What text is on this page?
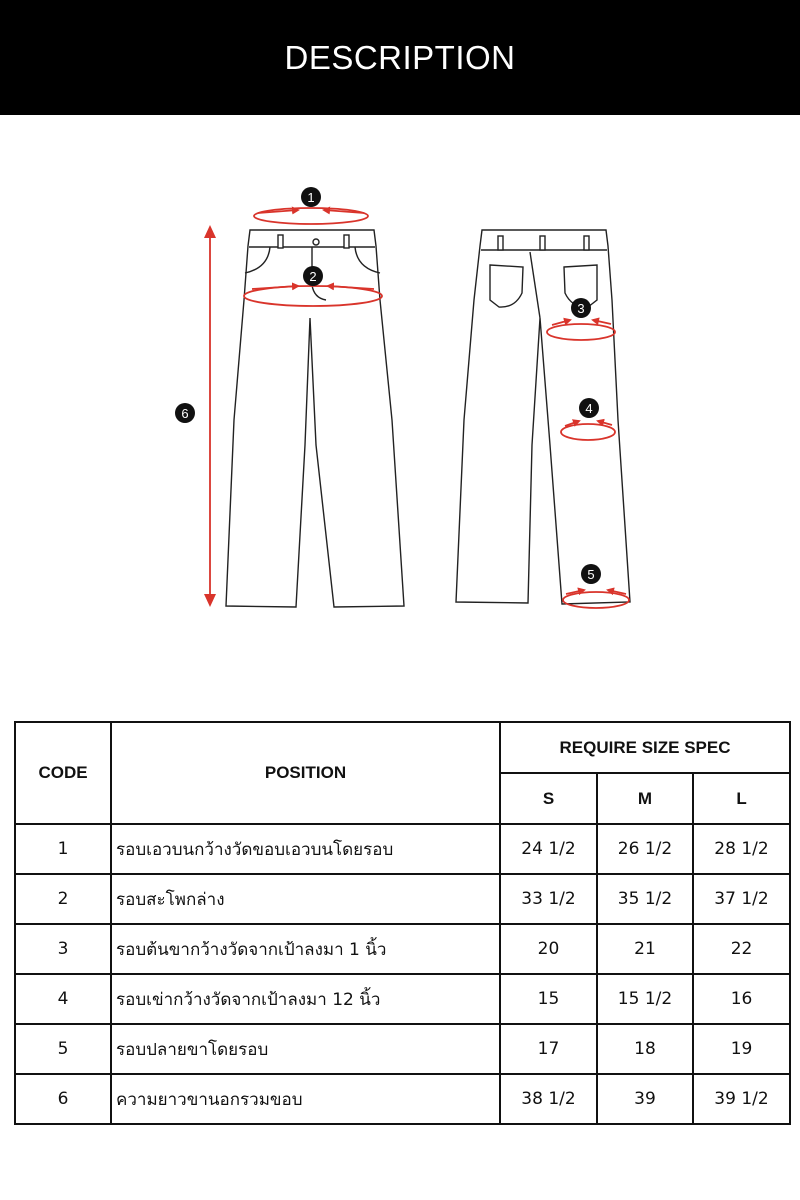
DESCRIPTION
1
2
3
4
5
6
CODE	POSITION	REQUIRE SIZE SPEC		
		S	M	L
1	รอบเอวบนกว้างวัดขอบเอวบนโดยรอบ	24 1/2	26 1/2	28 1/2
2	รอบสะโพกล่าง	33 1/2	35 1/2	37 1/2
3	รอบต้นขากว้างวัดจากเป้าลงมา 1 นิ้ว	20	21	22
4	รอบเข่ากว้างวัดจากเป้าลงมา 12 นิ้ว	15	15 1/2	16
5	รอบปลายขาโดยรอบ	17	18	19
6	ความยาวขานอกรวมขอบ	38 1/2	39	39 1/2
